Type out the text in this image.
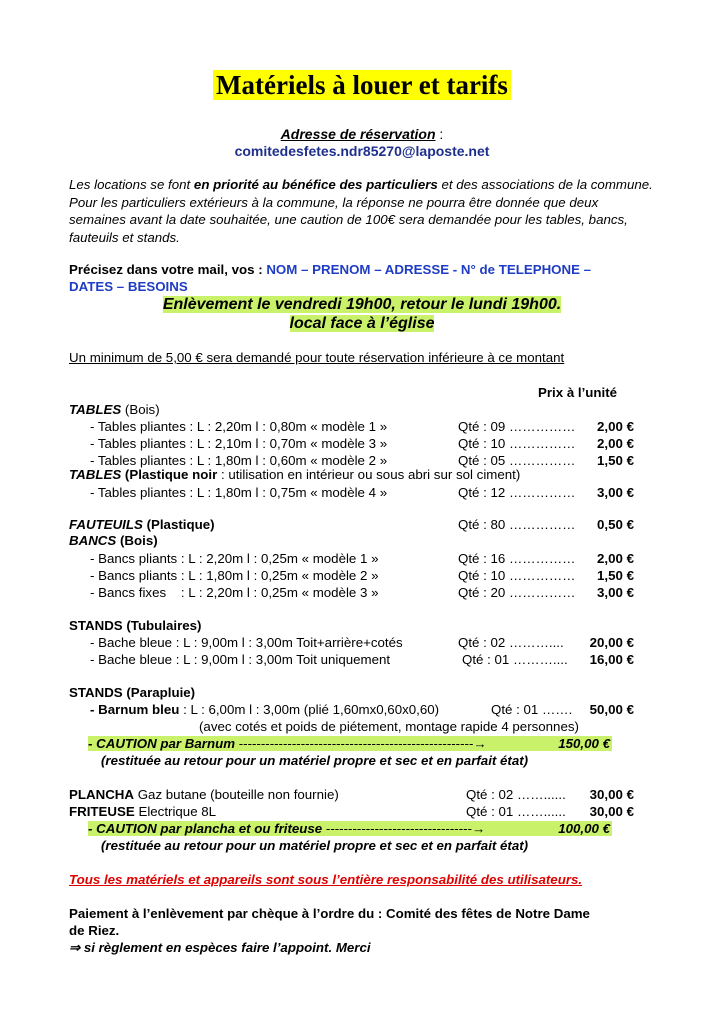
Matériels à louer et tarifs
Adresse de réservation :
comitedesfetes.ndr85270@laposte.net
Les locations se font en priorité au bénéfice des particuliers et des associations de la commune. Pour les particuliers extérieurs à la commune, la réponse ne pourra être donnée que deux semaines avant la date souhaitée, une caution de 100€ sera demandée pour les tables, bancs, fauteuils et stands.
Précisez dans votre mail, vos : NOM – PRENOM – ADRESSE - N° de TELEPHONE –
DATES – BESOINS
Enlèvement le vendredi 19h00, retour le lundi 19h00.
local face à l’église
Un minimum de 5,00 € sera demandé pour toute réservation inférieure à ce montant
Prix à l’unité
TABLES (Bois)
- Tables pliantes : L : 2,20m l : 0,80m « modèle 1 »	Qté : 09 ……………	2,00 €
- Tables pliantes : L : 2,10m l : 0,70m « modèle 3 »	Qté : 10 ……………	2,00 €
- Tables pliantes : L : 1,80m l : 0,60m « modèle 2 »	Qté : 05 ……………	1,50 €
TABLES (Plastique noir : utilisation en intérieur ou sous abri sur sol ciment)
- Tables pliantes : L : 1,80m l : 0,75m « modèle 4 »	Qté : 12 ……………	3,00 €
FAUTEUILS (Plastique)	Qté : 80 ……………	0,50 €
BANCS (Bois)
- Bancs pliants : L : 2,20m l : 0,25m « modèle 1 »	Qté : 16 ……………	2,00 €
- Bancs pliants : L : 1,80m l : 0,25m « modèle 2 »	Qté : 10 ……………	1,50 €
- Bancs fixes    : L : 2,20m l : 0,25m « modèle 3 »	Qté : 20 ……………	3,00 €
STANDS (Tubulaires)
- Bache bleue : L : 9,00m l : 3,00m Toit+arrière+cotés	Qté : 02 ………....	20,00 €
- Bache bleue : L : 9,00m l : 3,00m Toit uniquement	Qté : 01 ………....	16,00 €
STANDS (Parapluie)
- Barnum bleu : L : 6,00m l : 3,00m (plié 1,60mx0,60x0,60)	Qté : 01 …….	50,00 €
(avec cotés et poids de piétement, montage rapide 4 personnes)
- CAUTION par Barnum -----------------------------------------------------→	150,00 €
(restituée au retour pour un matériel propre et sec et en parfait état)
PLANCHA Gaz butane (bouteille non fournie)	Qté : 02 ……......	30,00 €
FRITEUSE Electrique 8L	Qté : 01 ……......	30,00 €
- CAUTION par plancha et ou friteuse ---------------------------------→	100,00 €
(restituée au retour pour un matériel propre et sec et en parfait état)
Tous les matériels et appareils sont sous l’entière responsabilité des utilisateurs.
Paiement à l’enlèvement par chèque à l’ordre du : Comité des fêtes de Notre Dame
de Riez.
⇒ si règlement en espèces faire l’appoint. Merci
